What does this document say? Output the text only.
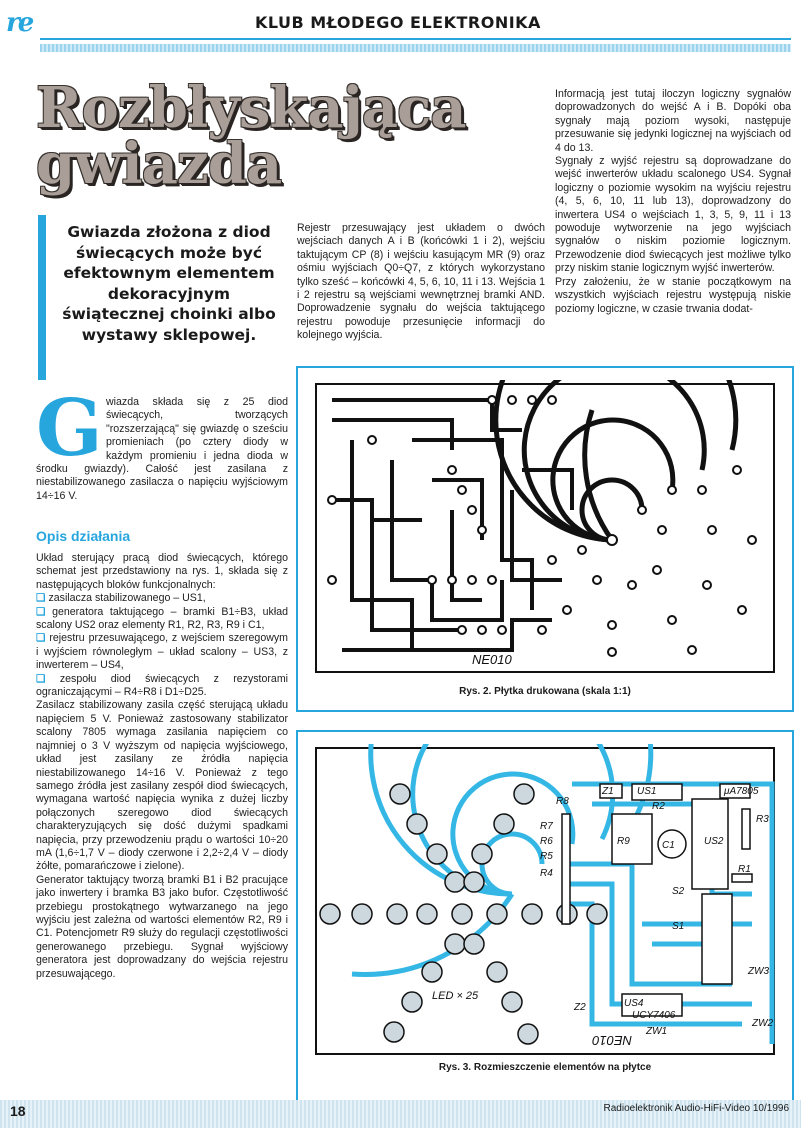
re	KLUB MŁODEGO ELEKTRONIKA
Rozbłyskająca
gwiazda
Gwiazda złożona z diod świecących może być efektownym elementem dekoracyjnym świątecznej choinki albo wystawy sklepowej.
G wiazda składa się z 25 diod świecących, tworzących "rozszerzającą" się gwiazdę o sześciu promieniach (po cztery diody w każdym promieniu i jedna dioda w środku gwiazdy). Całość jest zasilana z niestabilizowanego zasilacza o napięciu wyjściowym 14÷16 V.
Opis działania

Układ sterujący pracą diod świecących, którego schemat jest przedstawiony na rys. 1, składa się z następujących bloków funkcjonalnych:

❑ zasilacza stabilizowanego – US1,

❑ generatora taktującego – bramki B1÷B3, układ scalony US2 oraz elementy R1, R2, R3, R9 i C1,

❑ rejestru przesuwającego, z wejściem szeregowym i wyjściem równoległym – układ scalony – US3, z inwerterem – US4,

❑ zespołu diod świecących z rezystorami ograniczającymi – R4÷R8 i D1÷D25.

Zasilacz stabilizowany zasila część sterującą układu napięciem 5 V. Ponieważ zastosowany stabilizator scalony 7805 wymaga zasilania napięciem co najmniej o 3 V wyższym od napięcia wyjściowego, układ jest zasilany ze źródła napięcia niestabilizowanego 14÷16 V. Ponieważ z tego samego źródła jest zasilany zespół diod świecących, wymagana wartość napięcia wynika z dużej liczby połączonych szeregowo diod świecących charakteryzujących się dość dużymi spadkami napięcia, przy przewodzeniu prądu o wartości 10÷20 mA (1,6÷1,7 V – diody czerwone i 2,2÷2,4 V – diody żółte, pomarańczowe i zielone).

Generator taktujący tworzą bramki B1 i B2 pracujące jako inwertery i bramka B3 jako bufor. Częstotliwość przebiegu prostokątnego wytwarzanego na jego wyjściu jest zależna od wartości elementów R2, R9 i C1. Potencjometr R9 służy do regulacji częstotliwości generowanego przebiegu. Sygnał wyjściowy generatora jest doprowadzany do wejścia rejestru przesuwającego.

Rejestr przesuwający jest układem o dwóch wejściach danych A i B (końcówki 1 i 2), wejściu taktującym CP (8) i wejściu kasującym MR (9) oraz ośmiu wyjściach Q0÷Q7, z których wykorzystano tylko sześć – końcówki 4, 5, 6, 10, 11 i 13. Wejścia 1 i 2 rejestru są wejściami wewnętrznej bramki AND. Doprowadzenie sygnału do wejścia taktującego rejestru powoduje przesunięcie informacji do kolejnego wyjścia.

Informacją jest tutaj iloczyn logiczny sygnałów doprowadzonych do wejść A i B. Dopóki oba sygnały mają poziom wysoki, następuje przesuwanie się jedynki logicznej na wyjściach od 4 do 13.

Sygnały z wyjść rejestru są doprowadzane do wejść inwerterów układu scalonego US4. Sygnał logiczny o poziomie wysokim na wyjściu rejestru (4, 5, 6, 10, 11 lub 13), doprowadzony do inwertera US4 o wejściach 1, 3, 5, 9, 11 i 13 powoduje wytworzenie na jego wyjściach sygnałów o niskim poziomie logicznym. Przewodzenie diod świecących jest możliwe tylko przy niskim stanie logicznym wyjść inwerterów.

Przy założeniu, że w stanie początkowym na wszystkich wyjściach rejestru występują niskie poziomy logiczne, w czasie trwania dodat-

NE010
Rys. 2. Płytka drukowana (skala 1:1)
R8
R7
R6
R5
R4
R9
R2
R3
R1
C1
Z1 US1	μA7805
US2
S2
S1
US4
UCY7406
ZW3
ZW2
ZW1
Z2
LED × 25
NE010
Rys. 3. Rozmieszczenie elementów na płytce
18	Radioelektronik Audio-HiFi-Video 10/1996
